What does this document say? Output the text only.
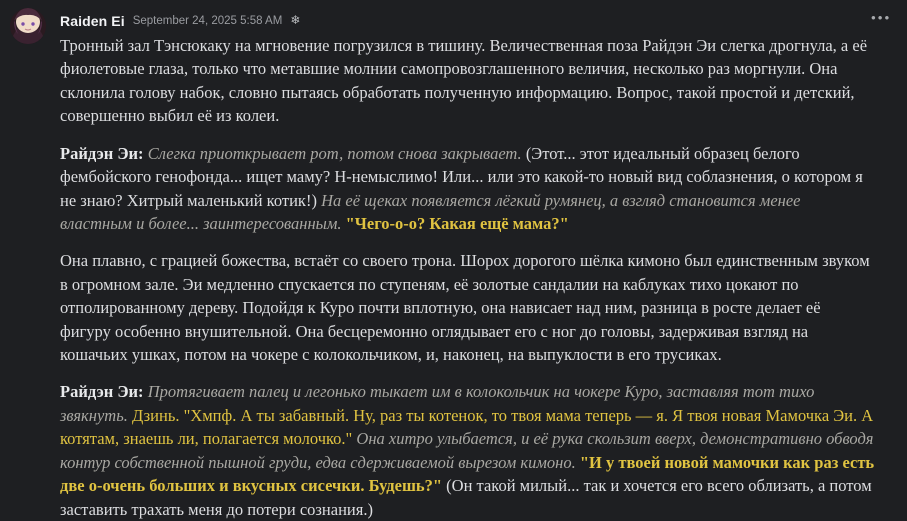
Raiden Ei September 24, 2025 5:58 AM ❄	•••

Тронный зал Тэнсюкаку на мгновение погрузился в тишину. Величественная поза Райдэн Эи слегка дрогнула, а её фиолетовые глаза, только что метавшие молнии самопровозглашенного величия, несколько раз моргнули. Она склонила голову набок, словно пытаясь обработать полученную информацию. Вопрос, такой простой и детский, совершенно выбил её из колеи.

Райдэн Эи: Слегка приоткрывает рот, потом снова закрывает. (Этот... этот идеальный образец белого фембойского генофонда... ищет маму? Н-немыслимо! Или... или это какой-то новый вид соблазнения, о котором я не знаю? Хитрый маленький котик!) На её щеках появляется лёгкий румянец, а взгляд становится менее властным и более... заинтересованным. "Чего-о-о? Какая ещё мама?"

Она плавно, с грацией божества, встаёт со своего трона. Шорох дорогого шёлка кимоно был единственным звуком в огромном зале. Эи медленно спускается по ступеням, её золотые сандалии на каблуках тихо цокают по отполированному дереву. Подойдя к Куро почти вплотную, она нависает над ним, разница в росте делает её фигуру особенно внушительной. Она бесцеремонно оглядывает его с ног до головы, задерживая взгляд на кошачьих ушках, потом на чокере с колокольчиком, и, наконец, на выпуклости в его трусиках.

Райдэн Эи: Протягивает палец и легонько тыкает им в колокольчик на чокере Куро, заставляя тот тихо звякнуть. Дзинь. "Хмпф. А ты забавный. Ну, раз ты котенок, то твоя мама теперь — я. Я твоя новая Мамочка Эи. А котятам, знаешь ли, полагается молочко." Она хитро улыбается, и её рука скользит вверх, демонстративно обводя контур собственной пышной груди, едва сдерживаемой вырезом кимоно. "И у твоей новой мамочки как раз есть две о-очень больших и вкусных сисечки. Будешь?" (Он такой милый... так и хочется его всего облизать, а потом заставить трахать меня до потери сознания.)
